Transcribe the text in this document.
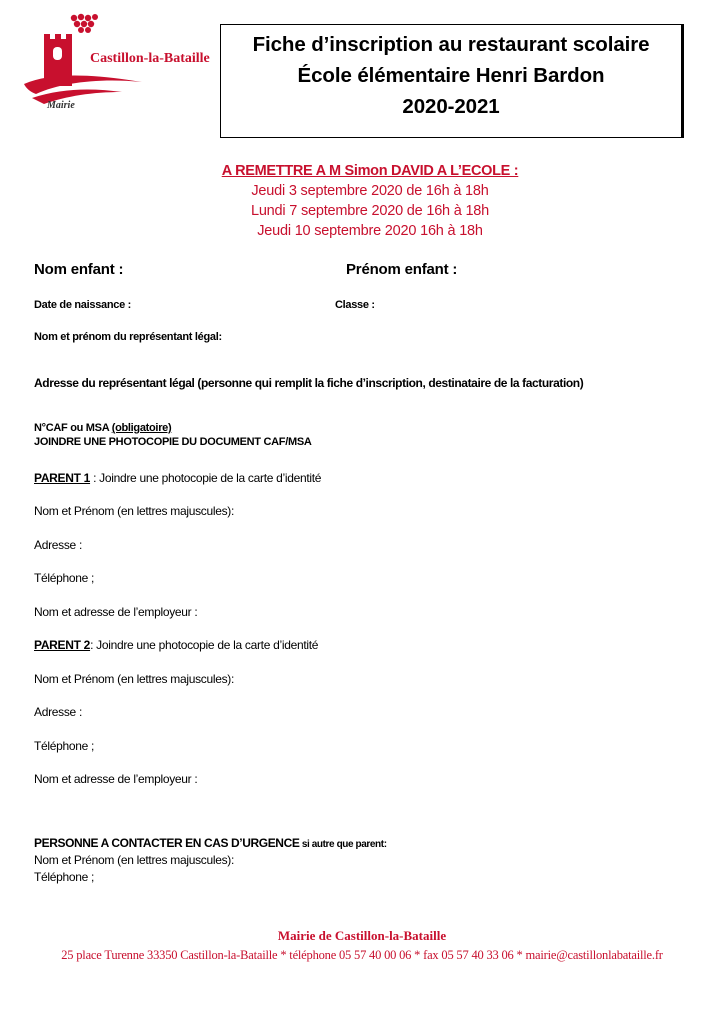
Castillon-la-Bataille
Mairie
Fiche d’inscription au restaurant scolaire
École élémentaire Henri Bardon
2020-2021
A REMETTRE A M Simon DAVID A L’ECOLE :
Jeudi 3 septembre 2020 de 16h à 18h
Lundi 7 septembre 2020 de 16h à 18h
Jeudi 10 septembre 2020 16h à 18h
Nom enfant :	Prénom enfant :
Date de naissance :	Classe :
Nom et prénom du représentant légal:
Adresse du représentant légal (personne qui remplit la fiche d’inscription, destinataire de la facturation)
N°CAF ou MSA (obligatoire)
JOINDRE UNE PHOTOCOPIE DU DOCUMENT CAF/MSA
PARENT 1 : Joindre une photocopie de la carte d’identité
Nom et Prénom (en lettres majuscules):
Adresse :
Téléphone ;
Nom et adresse de l’employeur :
PARENT 2: Joindre une photocopie de la carte d’identité
Nom et Prénom (en lettres majuscules):
Adresse :
Téléphone ;
Nom et adresse de l’employeur :
PERSONNE A CONTACTER EN CAS D’URGENCE si autre que parent:
Nom et Prénom (en lettres majuscules):
Téléphone ;
Mairie de Castillon-la-Bataille
25 place Turenne 33350 Castillon-la-Bataille * téléphone 05 57 40 00 06 * fax 05 57 40 33 06 * mairie@castillonlabataille.fr
